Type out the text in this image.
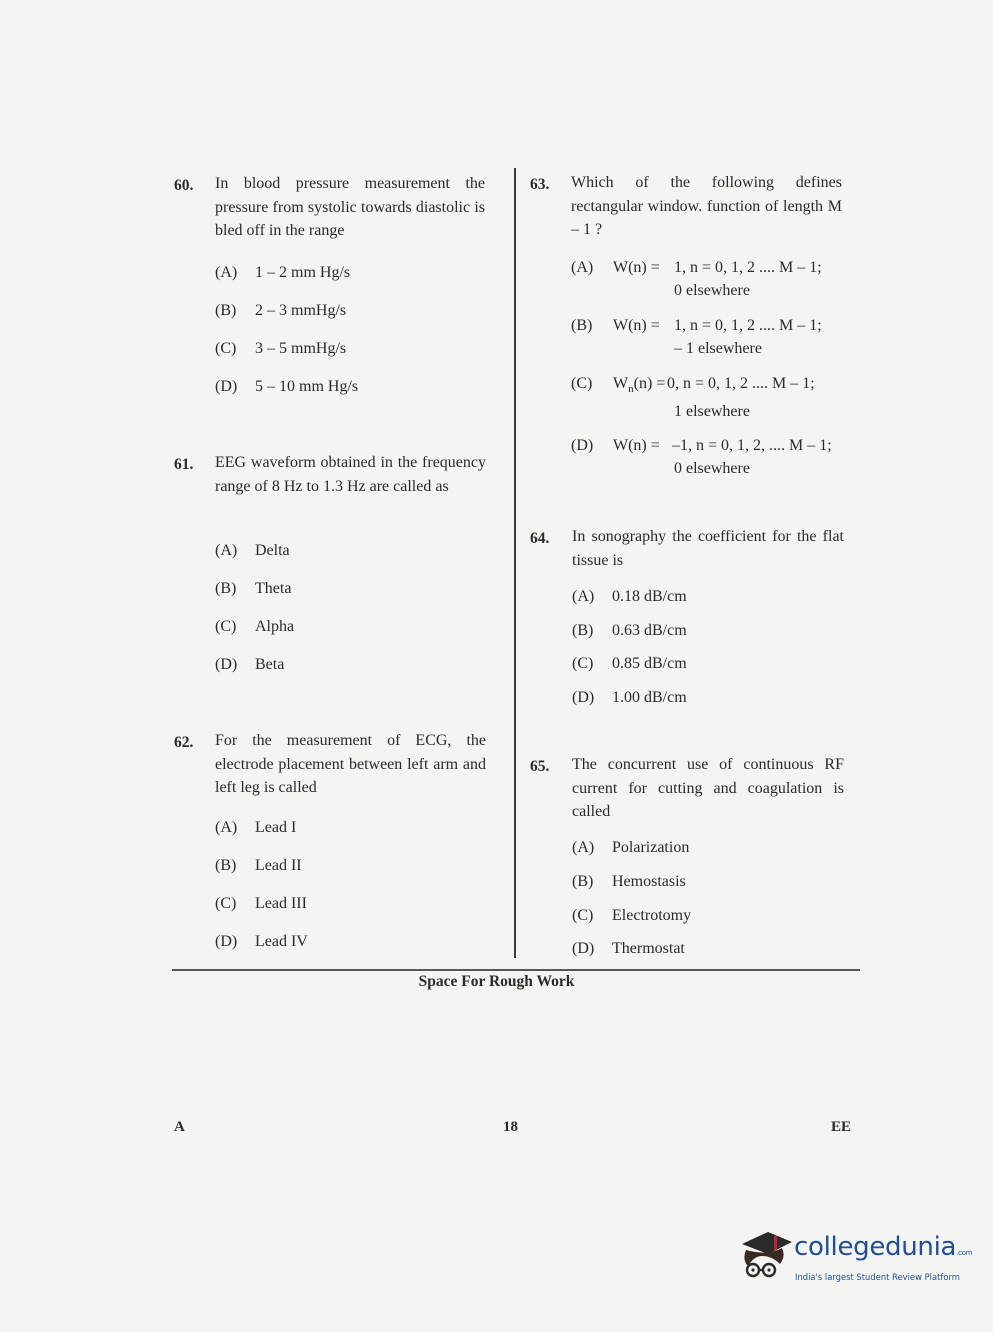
60. In blood pressure measurement the pressure from systolic towards diastolic is bled off in the range
(A) 1 – 2 mm Hg/s
(B) 2 – 3 mmHg/s
(C) 3 – 5 mmHg/s
(D) 5 – 10 mm Hg/s
61. EEG waveform obtained in the frequency range of 8 Hz to 1.3 Hz are called as
(A) Delta
(B) Theta
(C) Alpha
(D) Beta
62. For the measurement of ECG, the electrode placement between left arm and left leg is called
(A) Lead I
(B) Lead II
(C) Lead III
(D) Lead IV
63. Which of the following defines rectangular window. function of length M – 1 ?
(A) W(n) = 1, n = 0, 1, 2 .... M – 1;
0 elsewhere
(B) W(n) = 1, n = 0, 1, 2 .... M – 1;
– 1 elsewhere
(C) $W_n(n) = 0$, n = 0, 1, 2 .... M – 1;
1 elsewhere
(D) W(n) = –1, n = 0, 1, 2, .... M – 1;
0 elsewhere
64. In sonography the coefficient for the flat tissue is
(A) 0.18 dB/cm
(B) 0.63 dB/cm
(C) 0.85 dB/cm
(D) 1.00 dB/cm
65. The concurrent use of continuous RF current for cutting and coagulation is called
(A) Polarization
(B) Hemostasis
(C) Electrotomy
(D) Thermostat
Space For Rough Work
A	18	EE
collegedunia.com
India's largest Student Review Platform
